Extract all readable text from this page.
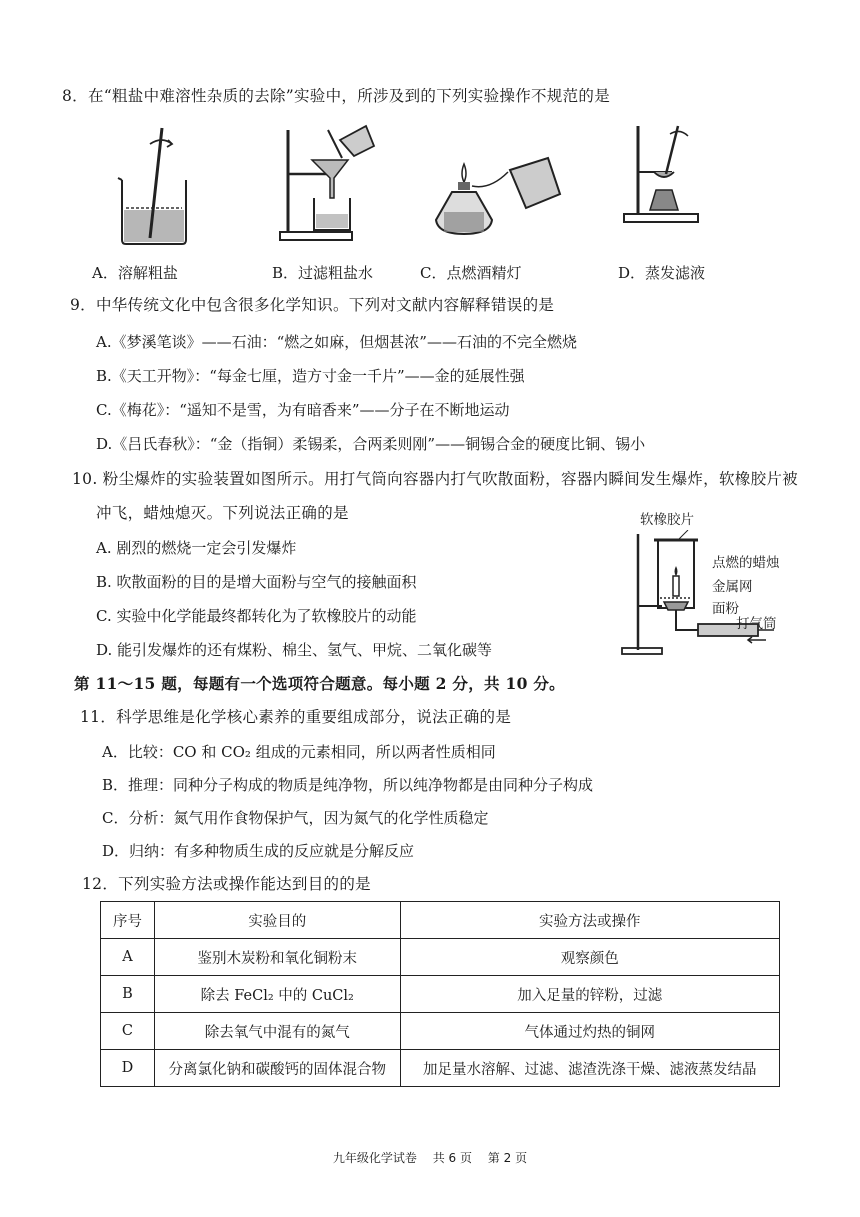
8．在“粗盐中难溶性杂质的去除”实验中，所涉及到的下列实验操作不规范的是
A．溶解粗盐	B．过滤粗盐水	C．点燃酒精灯	D．蒸发滤液
9．中华传统文化中包含很多化学知识。下列对文献内容解释错误的是
A.《梦溪笔谈》——石油：“燃之如麻，但烟甚浓”——石油的不完全燃烧
B.《天工开物》：“每金七厘，造方寸金一千片”——金的延展性强
C.《梅花》：“遥知不是雪，为有暗香来”——分子在不断地运动
D.《吕氏春秋》：“金（指铜）柔锡柔，合两柔则刚”——铜锡合金的硬度比铜、锡小
10. 粉尘爆炸的实验装置如图所示。用打气筒向容器内打气吹散面粉，容器内瞬间发生爆炸，软橡胶片被
冲飞，蜡烛熄灭。下列说法正确的是
A. 剧烈的燃烧一定会引发爆炸
B. 吹散面粉的目的是增大面粉与空气的接触面积
C. 实验中化学能最终都转化为了软橡胶片的动能
D. 能引发爆炸的还有煤粉、棉尘、氢气、甲烷、二氧化碳等
软橡胶片
点燃的蜡烛
金属网
面粉
打气筒
第 11～15 题，每题有一个选项符合题意。每小题 2 分，共 10 分。
11．科学思维是化学核心素养的重要组成部分，说法正确的是
A．比较：CO 和 CO₂ 组成的元素相同，所以两者性质相同
B．推理：同种分子构成的物质是纯净物，所以纯净物都是由同种分子构成
C．分析：氮气用作食物保护气，因为氮气的化学性质稳定
D．归纳：有多种物质生成的反应就是分解反应
12．下列实验方法或操作能达到目的的是
序号	实验目的	实验方法或操作
A	鉴别木炭粉和氧化铜粉末	观察颜色
B	除去 FeCl₂ 中的 CuCl₂	加入足量的锌粉，过滤
C	除去氧气中混有的氮气	气体通过灼热的铜网
D	分离氯化钠和碳酸钙的固体混合物	加足量水溶解、过滤、滤渣洗涤干燥、滤液蒸发结晶
九年级化学试卷　 共 6 页　 第 2 页
